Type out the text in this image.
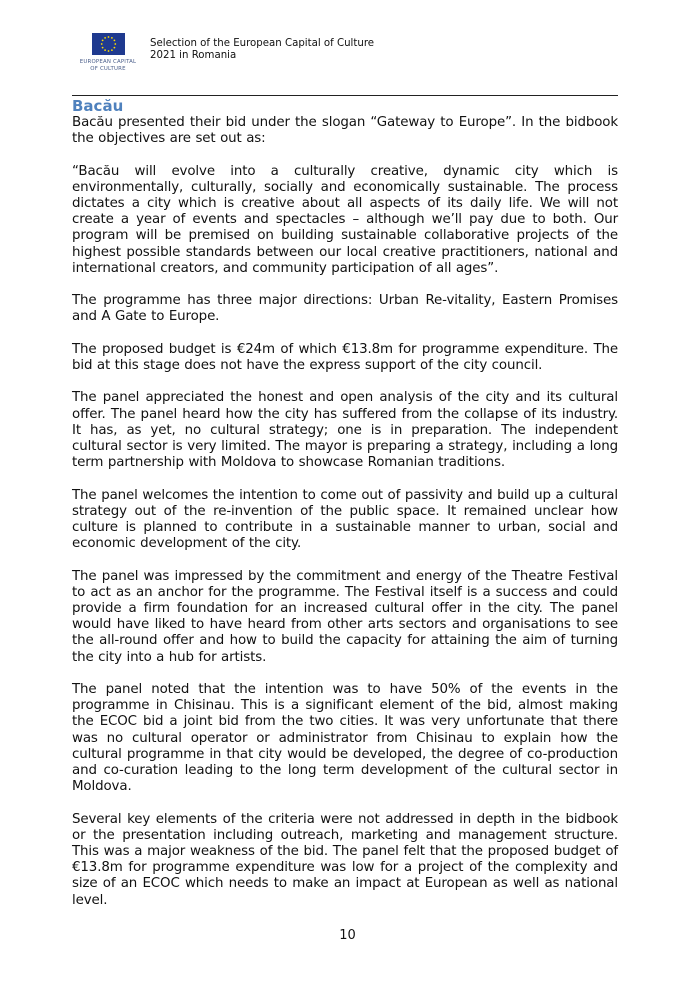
EUROPEAN CAPITAL
OF CULTURE
Selection of the European Capital of Culture
2021 in Romania
Bacău

Bacău presented their bid under the slogan “Gateway to Europe”. In the bidbook the objectives are set out as:

“Bacău will evolve into a culturally creative, dynamic city which is environmentally, culturally, socially and economically sustainable. The process dictates a city which is creative about all aspects of its daily life. We will not create a year of events and spectacles – although we’ll pay due to both. Our program will be premised on building sustainable collaborative projects of the highest possible standards between our local creative practitioners, national and international creators, and community participation of all ages”.

The programme has three major directions: Urban Re-vitality, Eastern Promises and A Gate to Europe.

The proposed budget is €24m of which €13.8m for programme expenditure. The bid at this stage does not have the express support of the city council.

The panel appreciated the honest and open analysis of the city and its cultural offer. The panel heard how the city has suffered from the collapse of its industry. It has, as yet, no cultural strategy; one is in preparation. The independent cultural sector is very limited. The mayor is preparing a strategy, including a long term partnership with Moldova to showcase Romanian traditions.

The panel welcomes the intention to come out of passivity and build up a cultural strategy out of the re-invention of the public space. It remained unclear how culture is planned to contribute in a sustainable manner to urban, social and economic development of the city.

The panel was impressed by the commitment and energy of the Theatre Festival to act as an anchor for the programme. The Festival itself is a success and could provide a firm foundation for an increased cultural offer in the city. The panel would have liked to have heard from other arts sectors and organisations to see the all-round offer and how to build the capacity for attaining the aim of turning the city into a hub for artists.

The panel noted that the intention was to have 50% of the events in the programme in Chisinau. This is a significant element of the bid, almost making the ECOC bid a joint bid from the two cities. It was very unfortunate that there was no cultural operator or administrator from Chisinau to explain how the cultural programme in that city would be developed, the degree of co-production and co-curation leading to the long term development of the cultural sector in Moldova.

Several key elements of the criteria were not addressed in depth in the bidbook or the presentation including outreach, marketing and management structure. This was a major weakness of the bid. The panel felt that the proposed budget of €13.8m for programme expenditure was low for a project of the complexity and size of an ECOC which needs to make an impact at European as well as national level.

10
